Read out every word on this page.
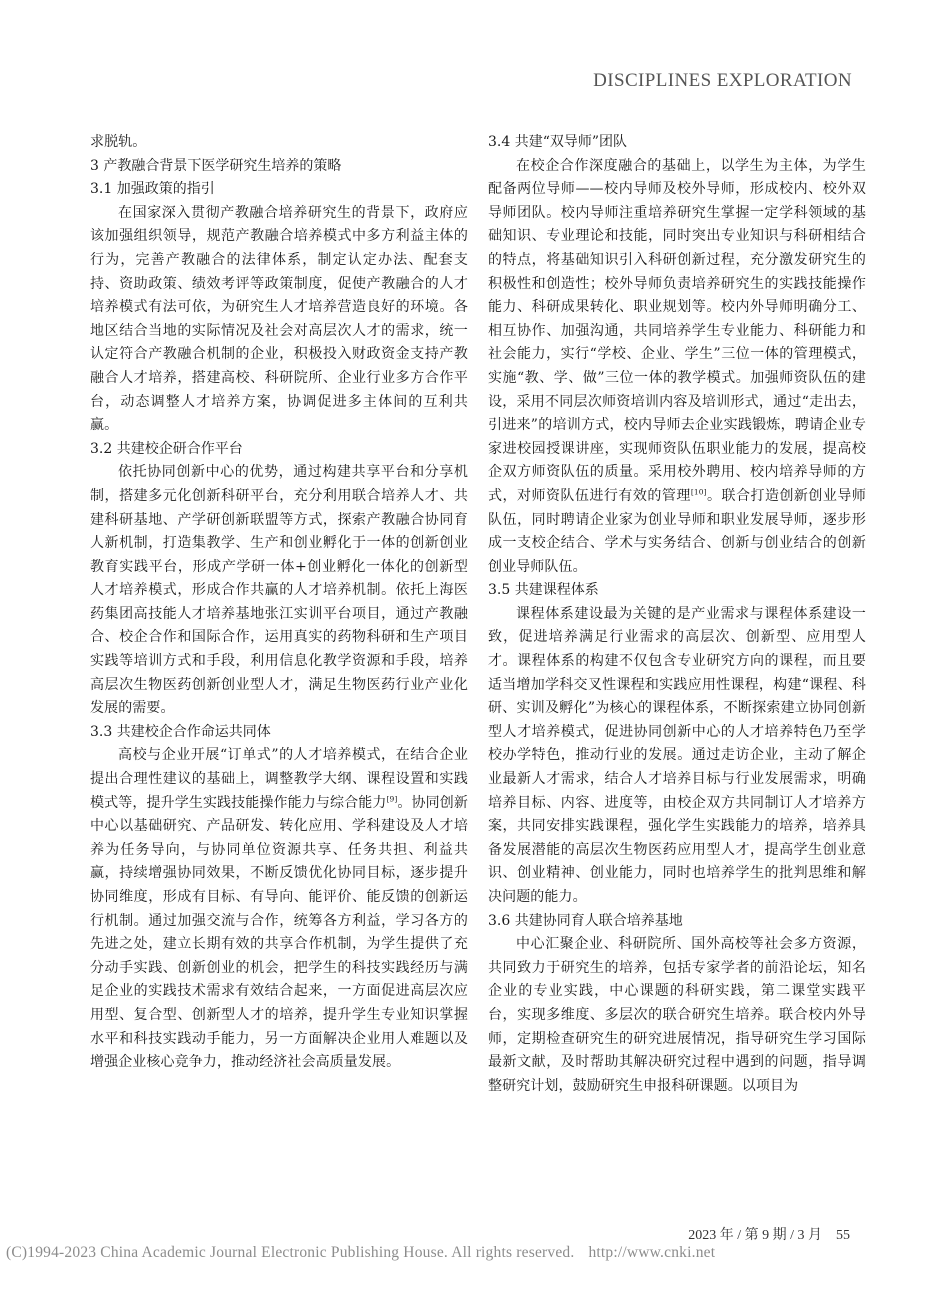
DISCIPLINES EXPLORATION

求脱轨。

3 产教融合背景下医学研究生培养的策略
3.1 加强政策的指引

在国家深入贯彻产教融合培养研究生的背景下，政府应该加强组织领导，规范产教融合培养模式中多方利益主体的行为，完善产教融合的法律体系，制定认定办法、配套支持、资助政策、绩效考评等政策制度，促使产教融合的人才培养模式有法可依，为研究生人才培养营造良好的环境。各地区结合当地的实际情况及社会对高层次人才的需求，统一认定符合产教融合机制的企业，积极投入财政资金支持产教融合人才培养，搭建高校、科研院所、企业行业多方合作平台，动态调整人才培养方案，协调促进多主体间的互利共赢。

3.2 共建校企研合作平台

依托协同创新中心的优势，通过构建共享平台和分享机制，搭建多元化创新科研平台，充分利用联合培养人才、共建科研基地、产学研创新联盟等方式，探索产教融合协同育人新机制，打造集教学、生产和创业孵化于一体的创新创业教育实践平台，形成产学研一体+创业孵化一体化的创新型人才培养模式，形成合作共赢的人才培养机制。依托上海医药集团高技能人才培养基地张江实训平台项目，通过产教融合、校企合作和国际合作，运用真实的药物科研和生产项目实践等培训方式和手段，利用信息化教学资源和手段，培养高层次生物医药创新创业型人才，满足生物医药行业产业化发展的需要。

3.3 共建校企合作命运共同体

高校与企业开展“订单式”的人才培养模式，在结合企业提出合理性建议的基础上，调整教学大纲、课程设置和实践模式等，提升学生实践技能操作能力与综合能力[9]。协同创新中心以基础研究、产品研发、转化应用、学科建设及人才培养为任务导向，与协同单位资源共享、任务共担、利益共赢，持续增强协同效果，不断反馈优化协同目标，逐步提升协同维度，形成有目标、有导向、能评价、能反馈的创新运行机制。通过加强交流与合作，统筹各方利益，学习各方的先进之处，建立长期有效的共享合作机制，为学生提供了充分动手实践、创新创业的机会，把学生的科技实践经历与满足企业的实践技术需求有效结合起来，一方面促进高层次应用型、复合型、创新型人才的培养，提升学生专业知识掌握水平和科技实践动手能力，另一方面解决企业用人难题以及增强企业核心竞争力，推动经济社会高质量发展。

3.4 共建“双导师”团队

在校企合作深度融合的基础上，以学生为主体，为学生配备两位导师——校内导师及校外导师，形成校内、校外双导师团队。校内导师注重培养研究生掌握一定学科领域的基础知识、专业理论和技能，同时突出专业知识与科研相结合的特点，将基础知识引入科研创新过程，充分激发研究生的积极性和创造性；校外导师负责培养研究生的实践技能操作能力、科研成果转化、职业规划等。校内外导师明确分工、相互协作、加强沟通，共同培养学生专业能力、科研能力和社会能力，实行“学校、企业、学生”三位一体的管理模式，实施“教、学、做”三位一体的教学模式。加强师资队伍的建设，采用不同层次师资培训内容及培训形式，通过“走出去，引进来”的培训方式，校内导师去企业实践锻炼，聘请企业专家进校园授课讲座，实现师资队伍职业能力的发展，提高校企双方师资队伍的质量。采用校外聘用、校内培养导师的方式，对师资队伍进行有效的管理[10]。联合打造创新创业导师队伍，同时聘请企业家为创业导师和职业发展导师，逐步形成一支校企结合、学术与实务结合、创新与创业结合的创新创业导师队伍。

3.5 共建课程体系

课程体系建设最为关键的是产业需求与课程体系建设一致，促进培养满足行业需求的高层次、创新型、应用型人才。课程体系的构建不仅包含专业研究方向的课程，而且要适当增加学科交叉性课程和实践应用性课程，构建“课程、科研、实训及孵化”为核心的课程体系，不断探索建立协同创新型人才培养模式，促进协同创新中心的人才培养特色乃至学校办学特色，推动行业的发展。通过走访企业，主动了解企业最新人才需求，结合人才培养目标与行业发展需求，明确培养目标、内容、进度等，由校企双方共同制订人才培养方案，共同安排实践课程，强化学生实践能力的培养，培养具备发展潜能的高层次生物医药应用型人才，提高学生创业意识、创业精神、创业能力，同时也培养学生的批判思维和解决问题的能力。

3.6 共建协同育人联合培养基地

中心汇聚企业、科研院所、国外高校等社会多方资源，共同致力于研究生的培养，包括专家学者的前沿论坛，知名企业的专业实践，中心课题的科研实践，第二课堂实践平台，实现多维度、多层次的联合研究生培养。联合校内外导师，定期检查研究生的研究进展情况，指导研究生学习国际最新文献，及时帮助其解决研究过程中遇到的问题，指导调整研究计划，鼓励研究生申报科研课题。以项目为

2023 年 / 第 9 期 / 3 月 55
(C)1994-2023 China Academic Journal Electronic Publishing House. All rights reserved. http://www.cnki.net
